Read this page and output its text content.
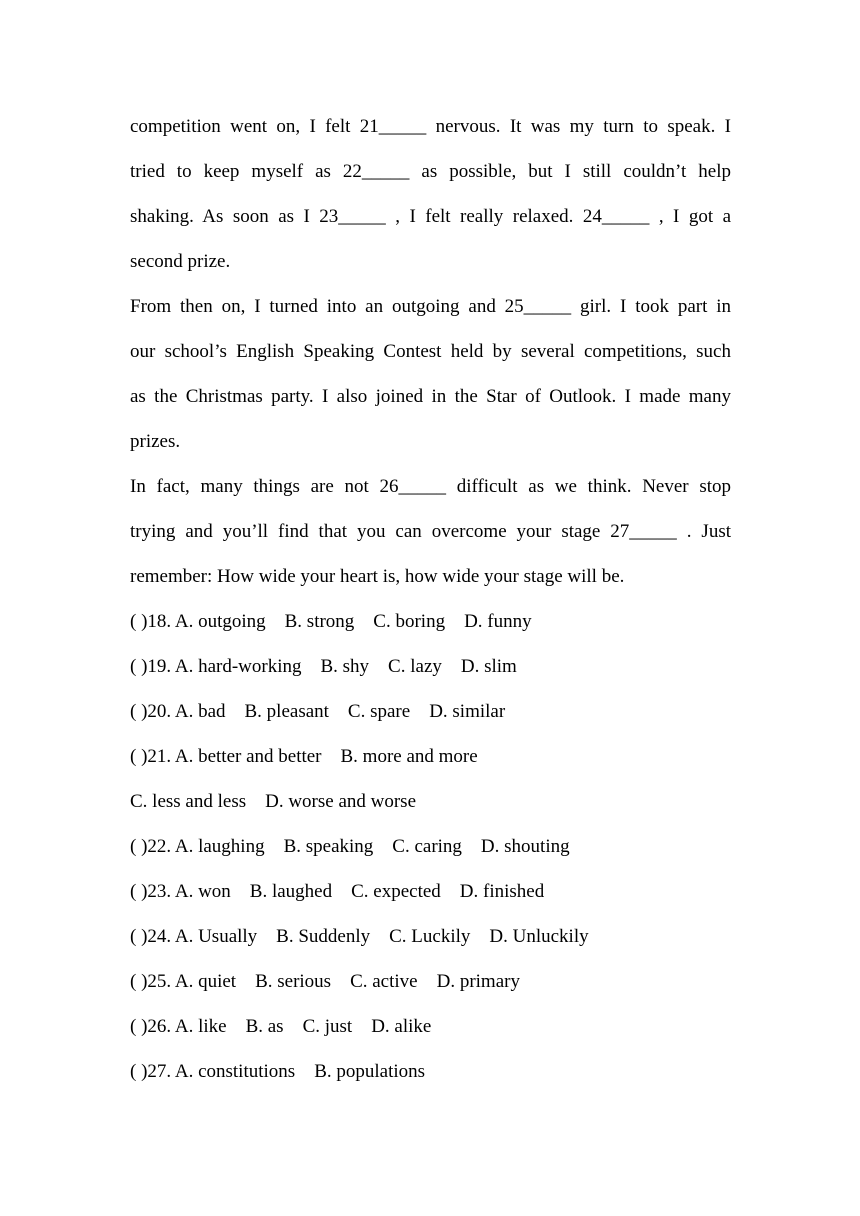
competition went on, I felt 21_____ nervous. It was my turn to speak. I
tried to keep myself as 22_____ as possible, but I still couldn’t help
shaking. As soon as I 23_____ , I felt really relaxed. 24_____ , I got a
second prize.
From then on, I turned into an outgoing and 25_____ girl. I took part in
our school’s English Speaking Contest held by several competitions, such
as the Christmas party. I also joined in the Star of Outlook. I made many
prizes.
In fact, many things are not 26_____ difficult as we think. Never stop
trying and you’ll find that you can overcome your stage 27_____ . Just
remember: How wide your heart is, how wide your stage will be.
( )18. A. outgoing    B. strong    C. boring    D. funny
( )19. A. hard-working    B. shy    C. lazy    D. slim
( )20. A. bad    B. pleasant    C. spare    D. similar
( )21. A. better and better    B. more and more
C. less and less    D. worse and worse
( )22. A. laughing    B. speaking    C. caring    D. shouting
( )23. A. won    B. laughed    C. expected    D. finished
( )24. A. Usually    B. Suddenly    C. Luckily    D. Unluckily
( )25. A. quiet    B. serious    C. active    D. primary
( )26. A. like    B. as    C. just    D. alike
( )27. A. constitutions    B. populations
